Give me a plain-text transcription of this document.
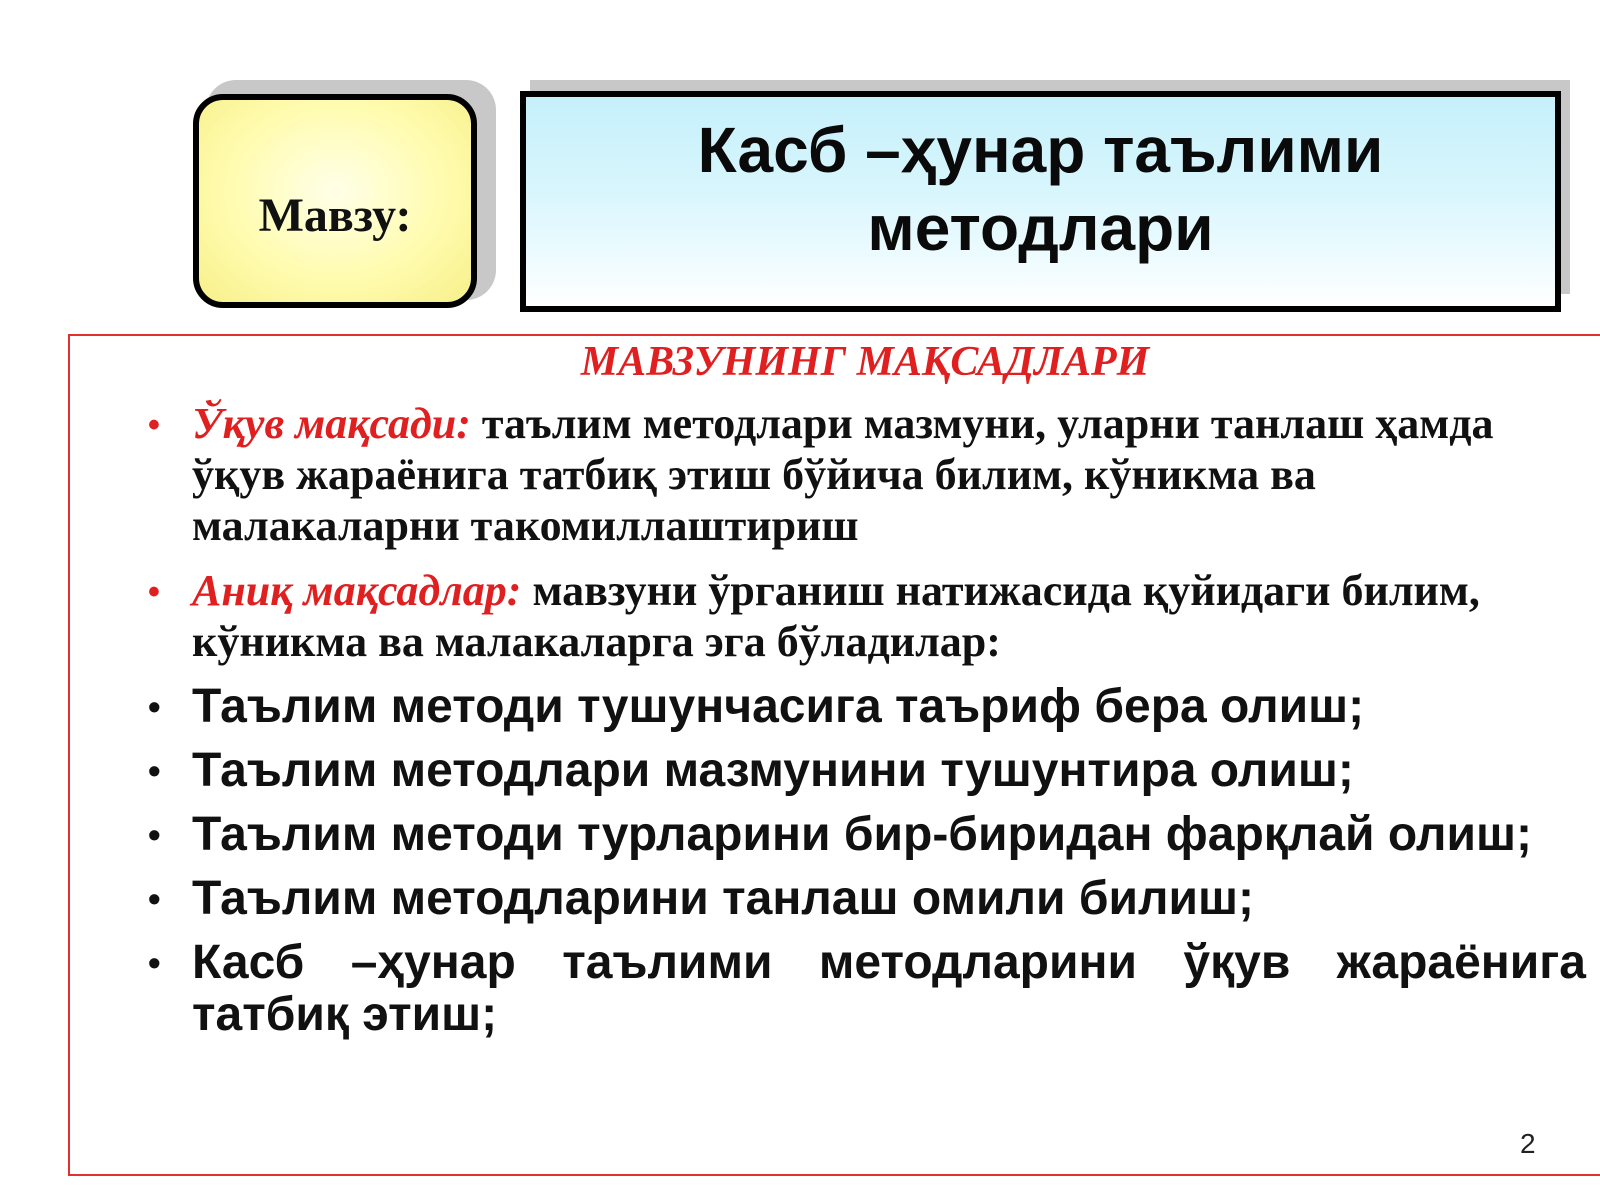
Мавзу:
Касб –ҳунар таълими
методлари
МАВЗУНИНГ МАҚСАДЛАРИ
• Ўқув мақсади: таълим методлари мазмуни, уларни танлаш ҳамда ўқув жараёнига татбиқ этиш бўйича билим, кўникма ва малакаларни такомиллаштириш
• Аниқ мақсадлар: мавзуни ўрганиш натижасида қуйидаги билим, кўникма ва малакаларга эга бўладилар:
• Таълим методи тушунчасига таъриф бера олиш;
• Таълим методлари мазмунини тушунтира олиш;
• Таълим методи турларини бир-биридан фарқлай олиш;
• Таълим методларини танлаш омили билиш;
• Касб –ҳунар таълими методларини ўқув жараёнига татбиқ этиш;
2
